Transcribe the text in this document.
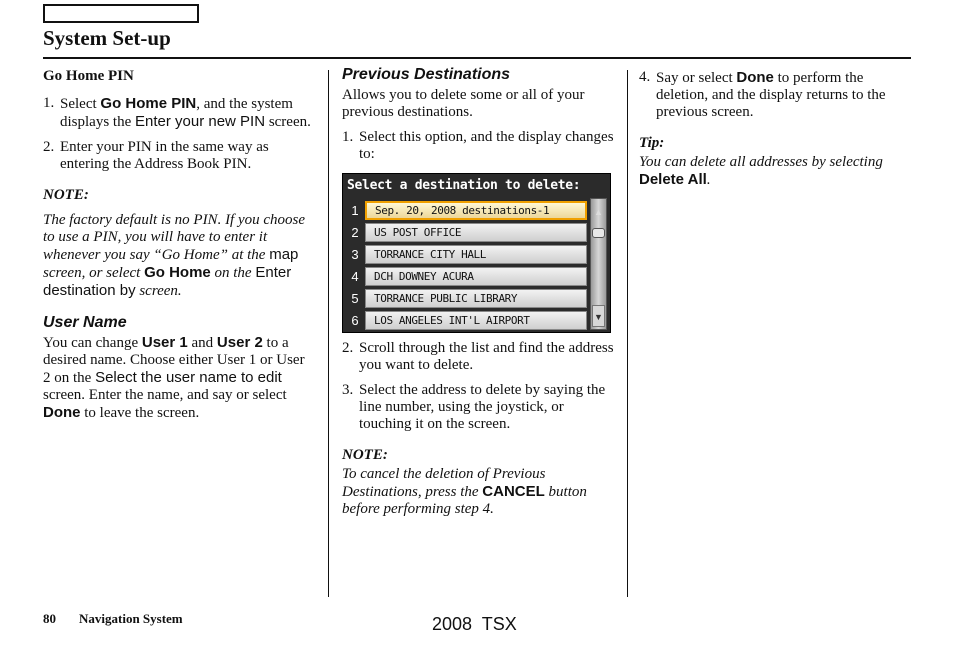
System Set-up

Go Home PIN

1. Select Go Home PIN, and the system displays the Enter your new PIN screen.
2. Enter your PIN in the same way as entering the Address Book PIN.

NOTE:

The factory default is no PIN. If you choose to use a PIN, you will have to enter it whenever you say “Go Home” at the map screen, or select Go Home on the Enter destination by screen.

User Name

You can change User 1 and User 2 to a desired name. Choose either User 1 or User 2 on the Select the user name to edit screen. Enter the name, and say or select Done to leave the screen.

Previous Destinations

Allows you to delete some or all of your previous destinations.

1. Select this option, and the display changes to:
Select a destination to delete:
1	Sep. 20, 2008 destinations-1
2	US POST OFFICE
3	TORRANCE CITY HALL
4	DCH DOWNEY ACURA
5	TORRANCE PUBLIC LIBRARY
6	LOS ANGELES INT'L AIRPORT
▲
▼
2. Scroll through the list and find the address you want to delete.
3. Select the address to delete by saying the line number, using the joystick, or touching it on the screen.

NOTE:

To cancel the deletion of Previous Destinations, press the CANCEL button before performing step 4.

4. Say or select Done to perform the deletion, and the display returns to the previous screen.

Tip:

You can delete all addresses by selecting Delete All.

80 Navigation System	2008  TSX
